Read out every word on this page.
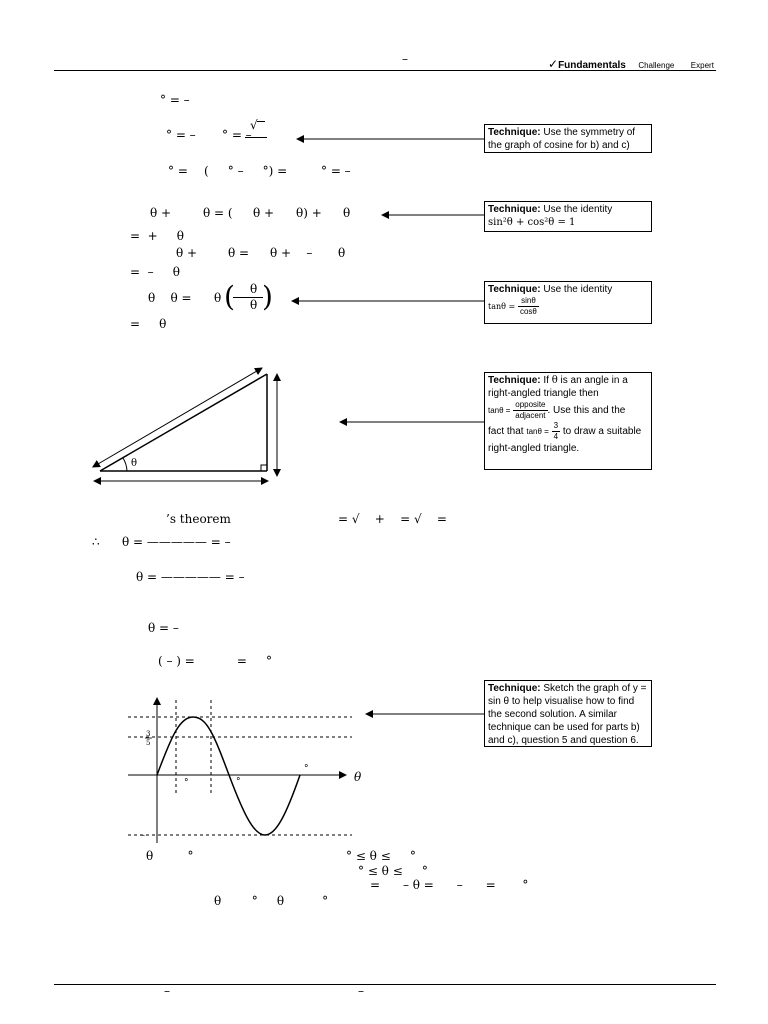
–	✓Fundamentals Challenge Expert
° = –
° = – ° = –
√
° = (     ° –     °) =	° = –
θ +	θ = ( θ + θ) + θ
=  +     θ
θ +	θ = θ +    – θ
=  –     θ
θ    θ = θ ( θ
θ )
=     θ
’s theorem	= √    +    = √    =
∴ θ = ————— = –
θ = ————— = –
θ = –
( – ) =           =     °
θ         °	° ≤ θ ≤     °
° ≤ θ ≤     °
=      – θ =      –      =       °
θ        °     θ          °
Technique: Use the symmetry of the graph of cosine for b) and c)
Technique: Use the identity
sin²θ + cos²θ = 1
Technique: Use the identity
$\tan\theta = \frac{\sin\theta}{\cos\theta}$
Technique: If θ is an angle in a right-angled triangle then
$\tan\theta = \frac{\text{opposite}}{\text{adjacent}}$ . Use this and the
fact that $\tan\theta = \frac{3}{4}$ to draw a suitable right-angled triangle.
Technique: Sketch the graph of y = sin θ to help visualise how to find the second solution. A similar technique can be used for parts b) and c), question 5 and question 6.
θ
θ
3
5
–
°	°
°
–	–
